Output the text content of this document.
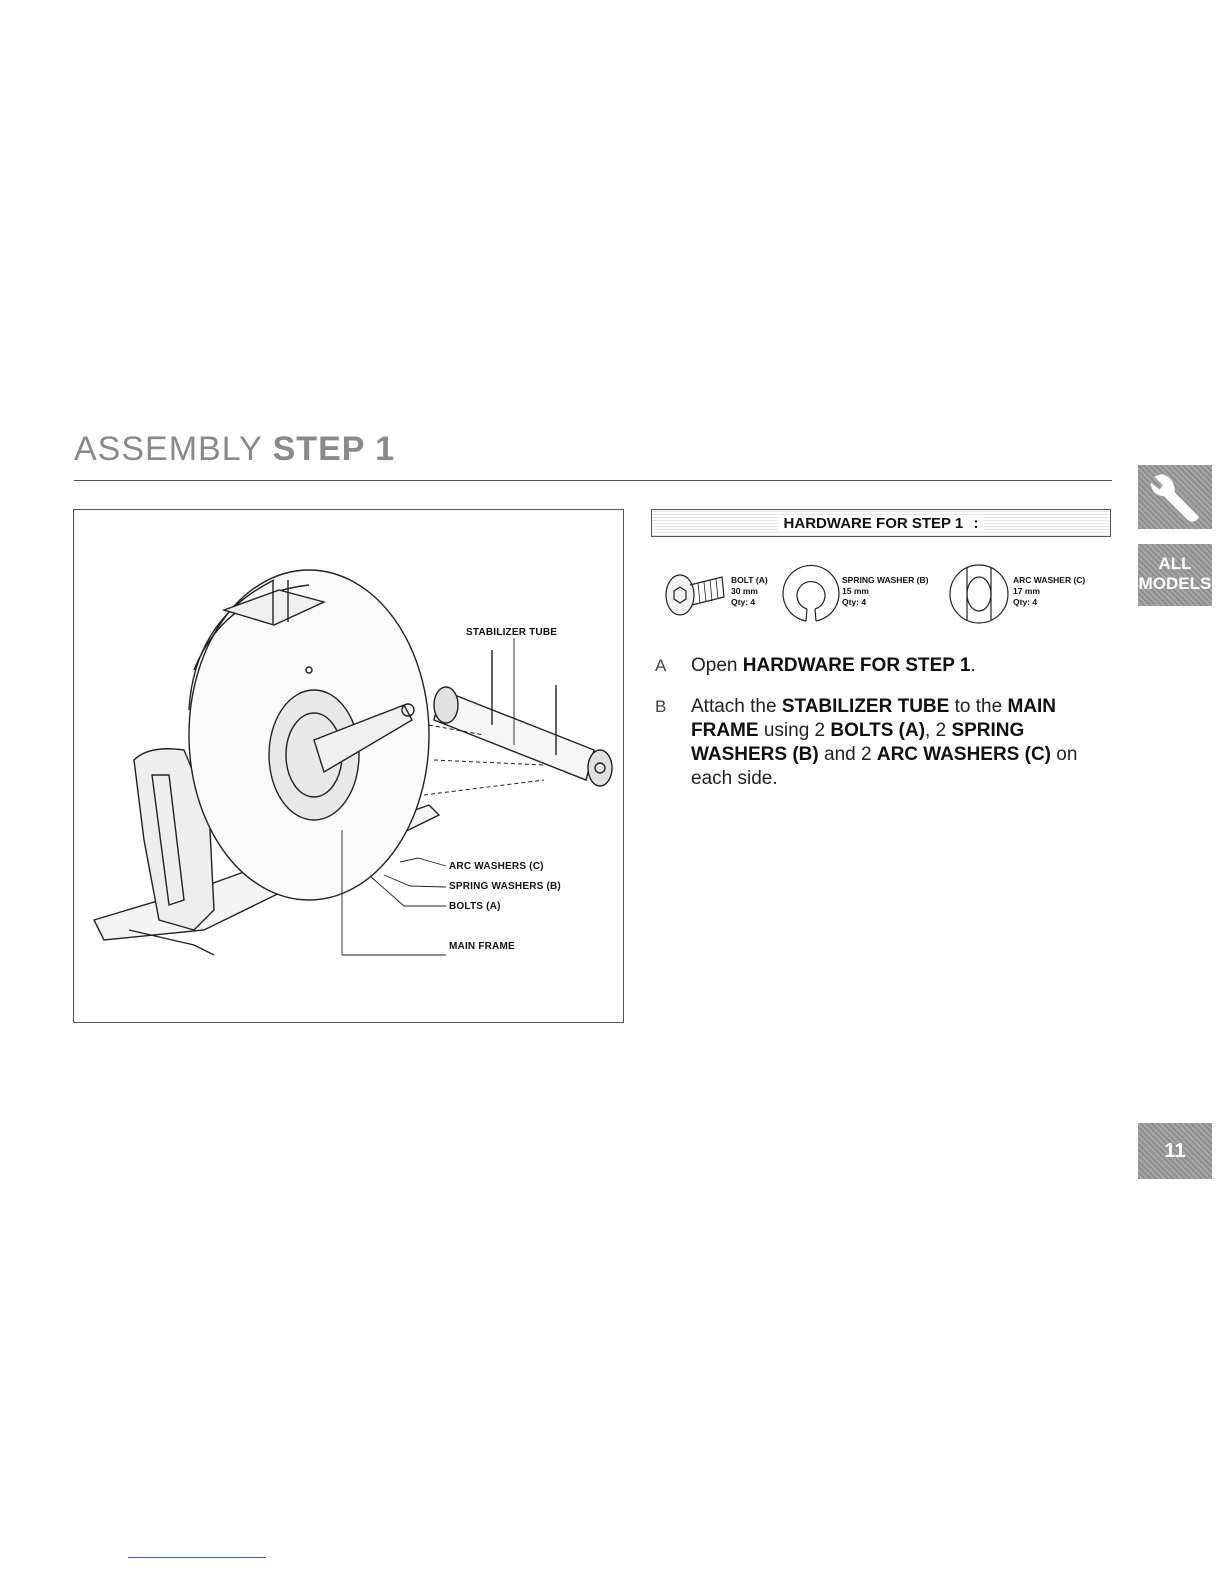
ASSEMBLY STEP 1
STABILIZER TUBE
ARC WASHERS (C)
SPRING WASHERS (B)
BOLTS (A)
MAIN FRAME
HARDWARE FOR STEP 1 :
BOLT (A)
30 mm
Qty: 4
SPRING WASHER (B)
15 mm
Qty: 4
ARC WASHER (C)
17 mm
Qty: 4
A Open HARDWARE FOR STEP 1.
B Attach the STABILIZER TUBE to the MAIN FRAME using 2 BOLTS (A), 2 SPRING WASHERS (B) and 2 ARC WASHERS (C) on each side.
ALL
MODELS
11
